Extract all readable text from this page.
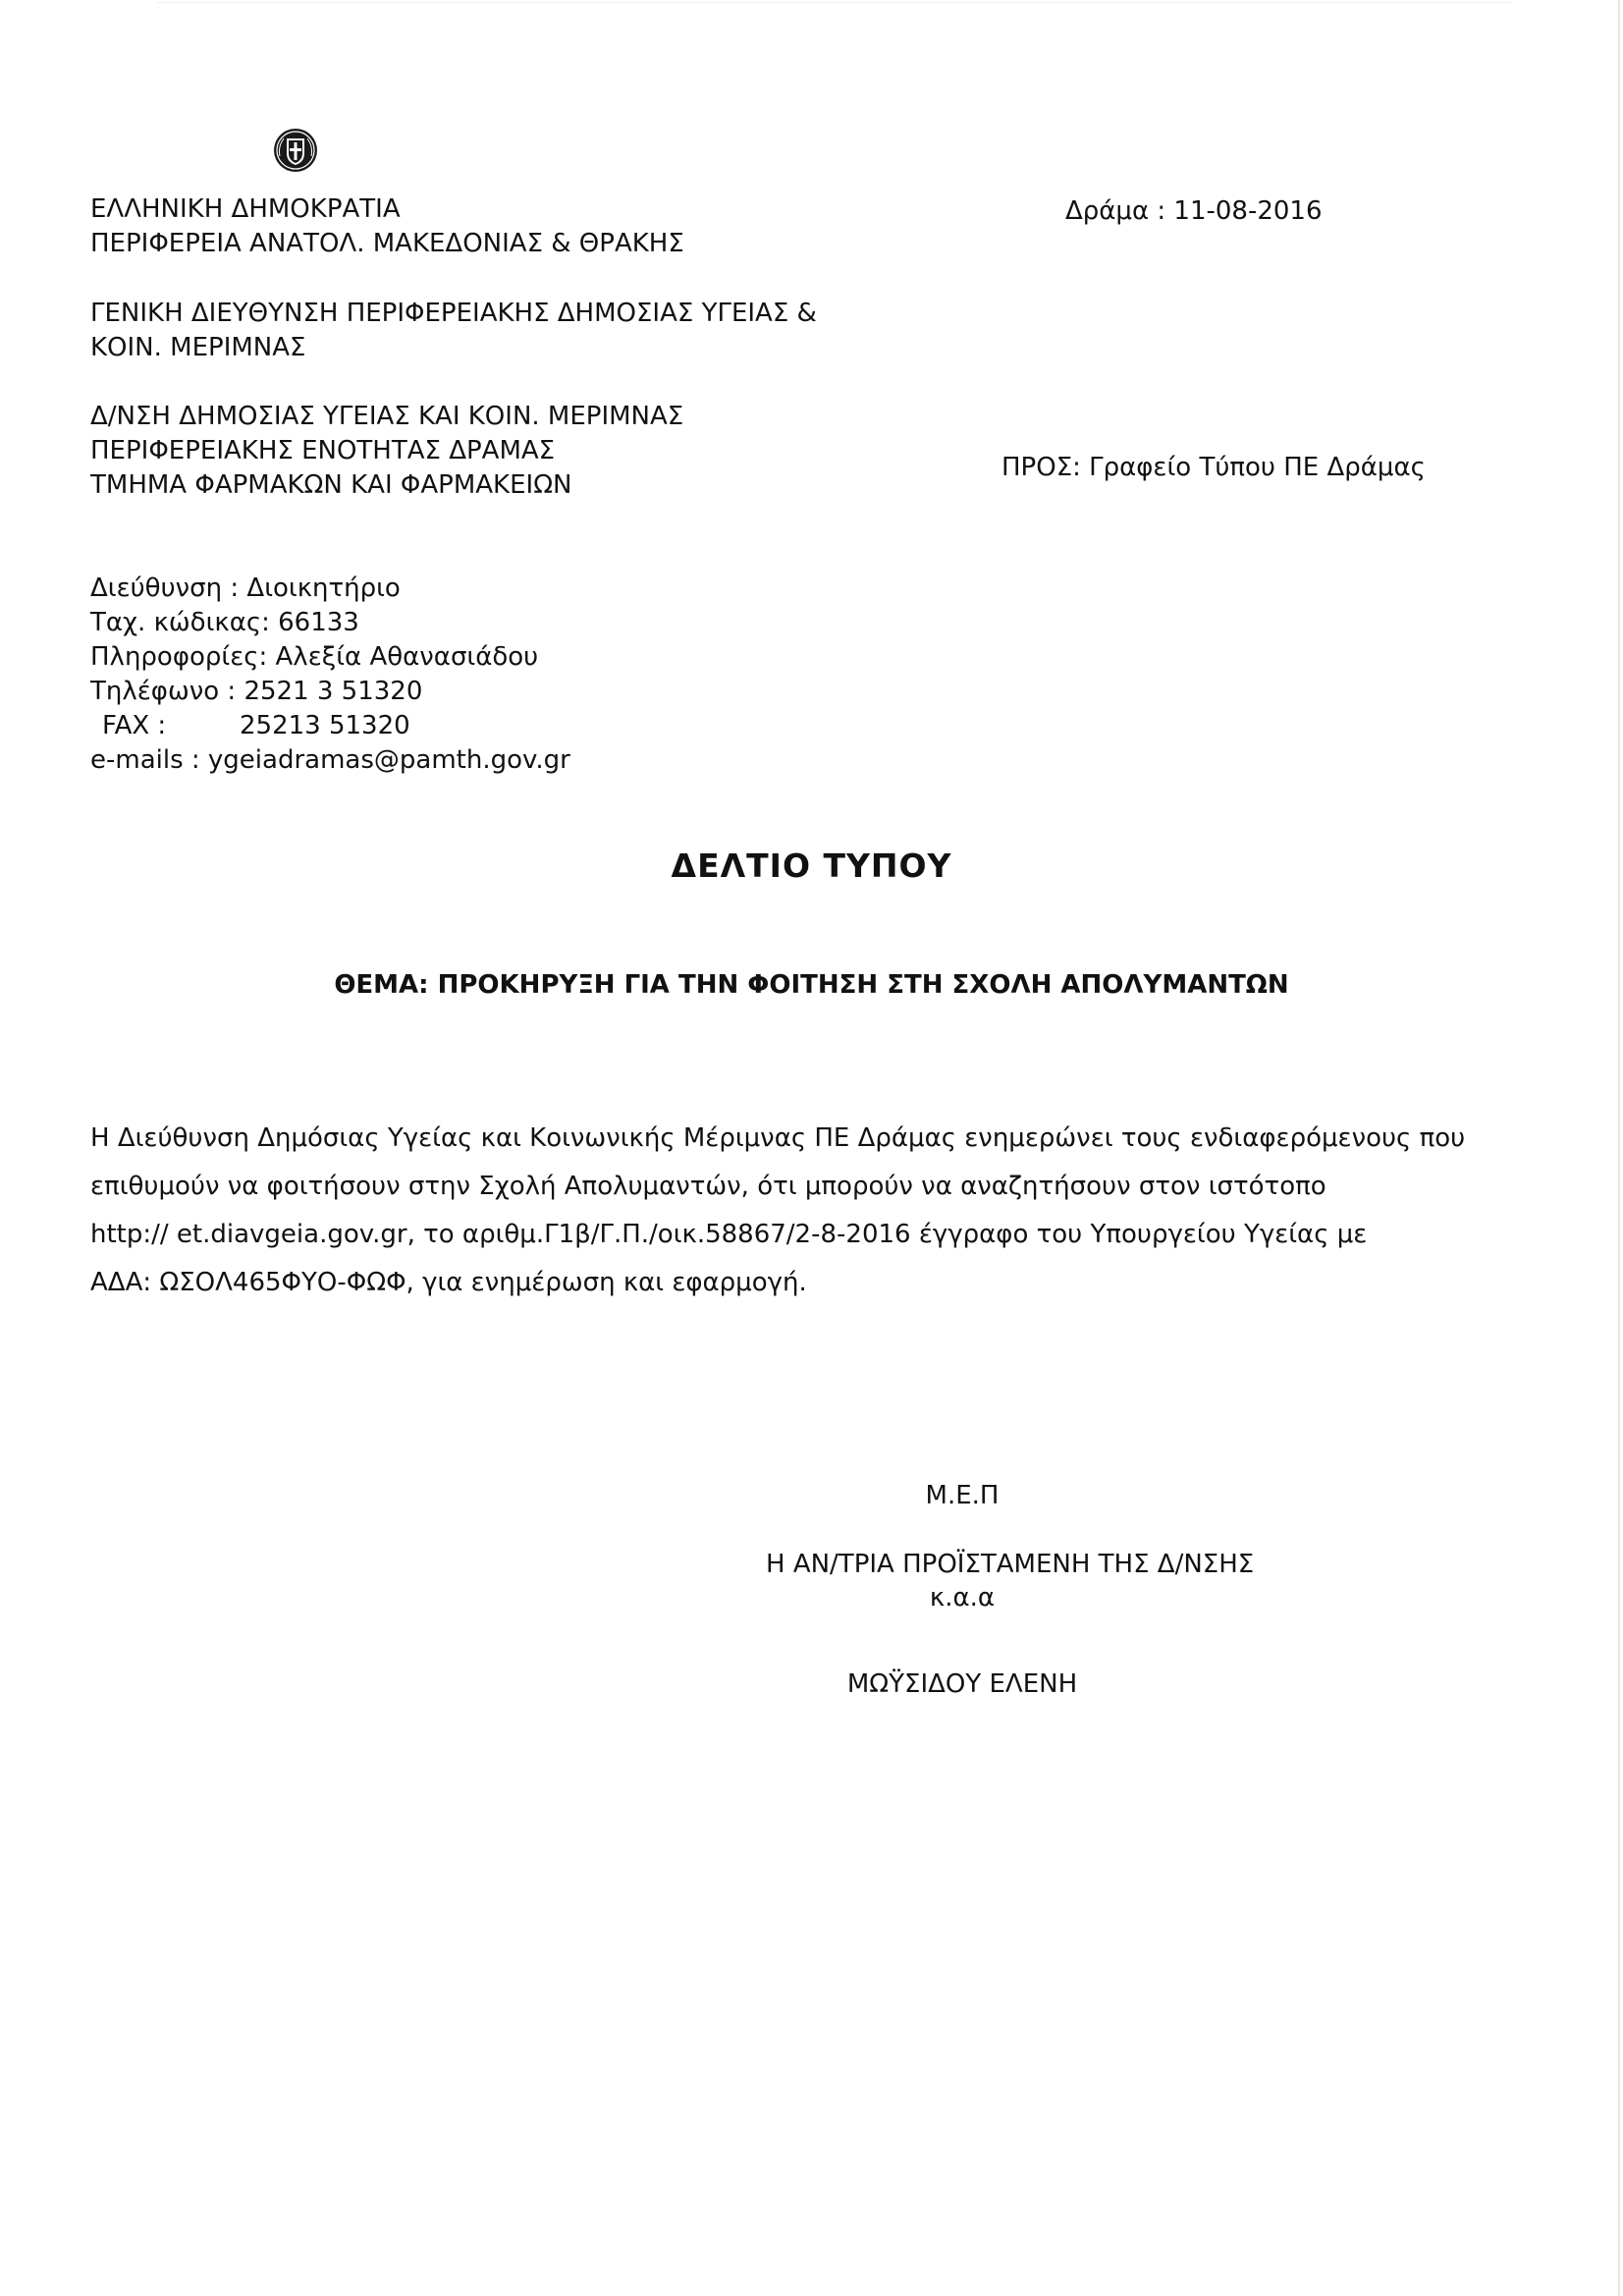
ΕΛΛΗΝΙΚΗ ΔΗΜΟΚΡΑΤΙΑ
ΠΕΡΙΦΕΡΕΙΑ ΑΝΑΤΟΛ. ΜΑΚΕΔΟΝΙΑΣ & ΘΡΑΚΗΣ
ΓΕΝΙΚΗ ΔΙΕΥΘΥΝΣΗ ΠΕΡΙΦΕΡΕΙΑΚΗΣ ΔΗΜΟΣΙΑΣ ΥΓΕΙΑΣ &
ΚΟΙΝ. ΜΕΡΙΜΝΑΣ
Δ/ΝΣΗ ΔΗΜΟΣΙΑΣ ΥΓΕΙΑΣ ΚΑΙ ΚΟΙΝ. ΜΕΡΙΜΝΑΣ
ΠΕΡΙΦΕΡΕΙΑΚΗΣ ΕΝΟΤΗΤΑΣ ΔΡΑΜΑΣ
ΤΜΗΜΑ ΦΑΡΜΑΚΩΝ ΚΑΙ ΦΑΡΜΑΚΕΙΩΝ
Δράμα : 11-08-2016
ΠΡΟΣ: Γραφείο Τύπου ΠΕ Δράμας
Διεύθυνση : Διοικητήριο
Ταχ. κώδικας: 66133
Πληροφορίες: Αλεξία Αθανασιάδου
Τηλέφωνο : 2521 3 51320
FAX :	25213 51320
e-mails : ygeiadramas@pamth.gov.gr
ΔΕΛΤΙΟ ΤΥΠΟΥ
ΘΕΜΑ: ΠΡΟΚΗΡΥΞΗ ΓΙΑ ΤΗΝ ΦΟΙΤΗΣΗ ΣΤΗ ΣΧΟΛΗ ΑΠΟΛΥΜΑΝΤΩΝ
Η Διεύθυνση Δημόσιας Υγείας και Κοινωνικής Μέριμνας ΠΕ Δράμας ενημερώνει τους ενδιαφερόμενους που
επιθυμούν να φοιτήσουν στην Σχολή Απολυμαντών, ότι μπορούν να αναζητήσουν στον ιστότοπο
http:// et.diavgeia.gov.gr, το αριθμ.Γ1β/Γ.Π./οικ.58867/2-8-2016 έγγραφο του Υπουργείου Υγείας με
ΑΔΑ: ΩΣΟΛ465ΦΥΟ-ΦΩΦ, για ενημέρωση και εφαρμογή.
Μ.Ε.Π
Η ΑΝ/ΤΡΙΑ ΠΡΟΪΣΤΑΜΕΝΗ ΤΗΣ Δ/ΝΣΗΣ
κ.α.α
ΜΩΫΣΙΔΟΥ ΕΛΕΝΗ
